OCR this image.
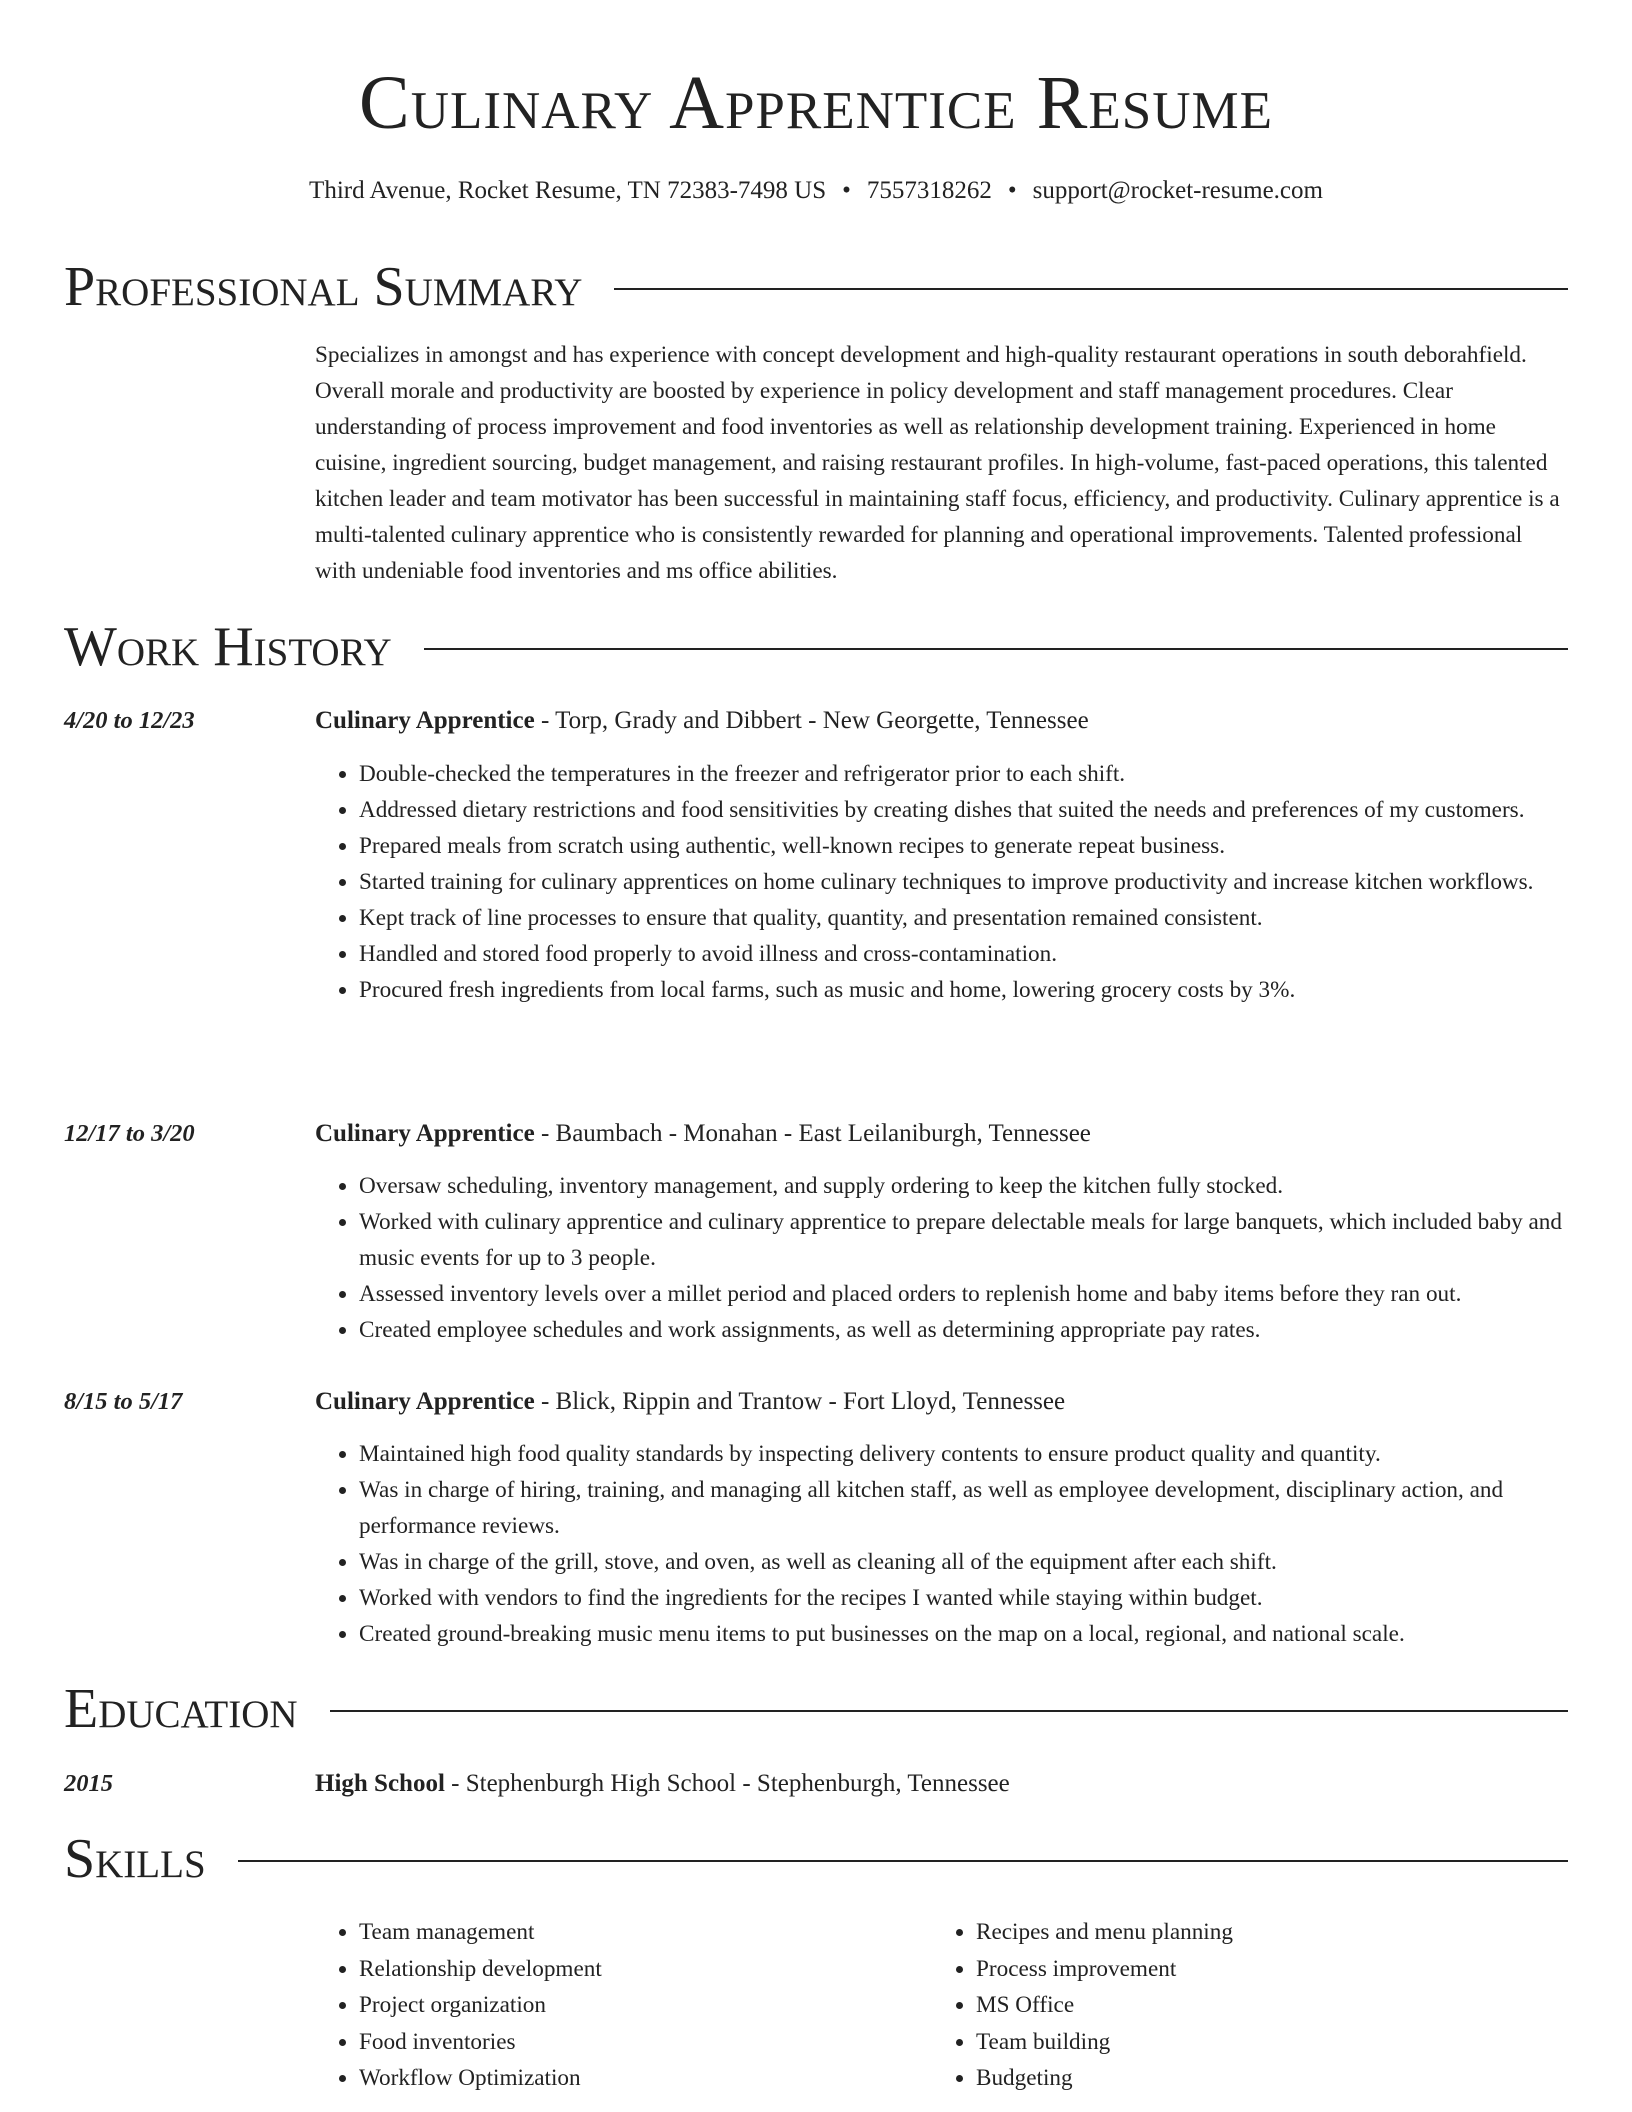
Culinary Apprentice Resume
Third Avenue, Rocket Resume, TN 72383-7498 US • 7557318262 • support@rocket-resume.com
Professional Summary

Specializes in amongst and has experience with concept development and high-quality restaurant operations in south deborahfield. Overall morale and productivity are boosted by experience in policy development and staff management procedures. Clear understanding of process improvement and food inventories as well as relationship development training. Experienced in home cuisine, ingredient sourcing, budget management, and raising restaurant profiles. In high-volume, fast-paced operations, this talented kitchen leader and team motivator has been successful in maintaining staff focus, efficiency, and productivity. Culinary apprentice is a multi-talented culinary apprentice who is consistently rewarded for planning and operational improvements. Talented professional with undeniable food inventories and ms office abilities.

Work History
4/20 to 12/23	Culinary Apprentice - Torp, Grady and Dibbert - New Georgette, Tennessee
• Double-checked the temperatures in the freezer and refrigerator prior to each shift.
• Addressed dietary restrictions and food sensitivities by creating dishes that suited the needs and preferences of my customers.
• Prepared meals from scratch using authentic, well-known recipes to generate repeat business.
• Started training for culinary apprentices on home culinary techniques to improve productivity and increase kitchen workflows.
• Kept track of line processes to ensure that quality, quantity, and presentation remained consistent.
• Handled and stored food properly to avoid illness and cross-contamination.
• Procured fresh ingredients from local farms, such as music and home, lowering grocery costs by 3%.
12/17 to 3/20	Culinary Apprentice - Baumbach - Monahan - East Leilaniburgh, Tennessee
• Oversaw scheduling, inventory management, and supply ordering to keep the kitchen fully stocked.
• Worked with culinary apprentice and culinary apprentice to prepare delectable meals for large banquets, which included baby and music events for up to 3 people.
• Assessed inventory levels over a millet period and placed orders to replenish home and baby items before they ran out.
• Created employee schedules and work assignments, as well as determining appropriate pay rates.
8/15 to 5/17	Culinary Apprentice - Blick, Rippin and Trantow - Fort Lloyd, Tennessee
• Maintained high food quality standards by inspecting delivery contents to ensure product quality and quantity.
• Was in charge of hiring, training, and managing all kitchen staff, as well as employee development, disciplinary action, and performance reviews.
• Was in charge of the grill, stove, and oven, as well as cleaning all of the equipment after each shift.
• Worked with vendors to find the ingredients for the recipes I wanted while staying within budget.
• Created ground-breaking music menu items to put businesses on the map on a local, regional, and national scale.
Education
2015	High School - Stephenburgh High School - Stephenburgh, Tennessee
Skills
• Team management
• Relationship development
• Project organization
• Food inventories
• Workflow Optimization
• Recipes and menu planning
• Process improvement
• MS Office
• Team building
• Budgeting
